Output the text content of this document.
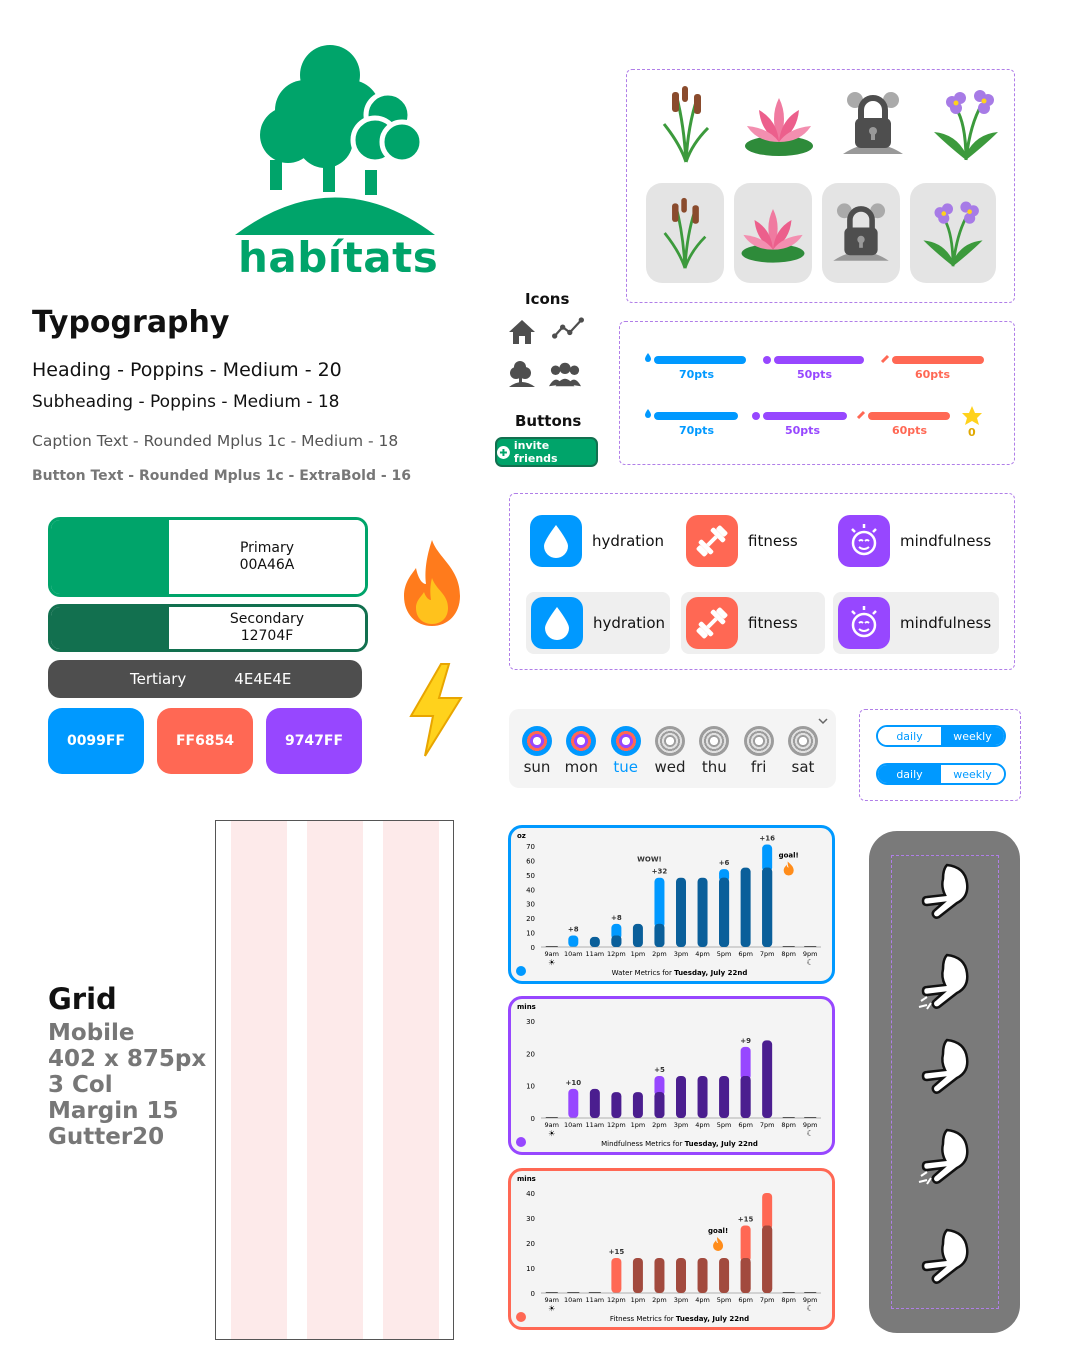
habítats
Typography
Heading - Poppins - Medium - 20
Subheading - Poppins - Medium - 18
Caption Text - Rounded Mplus 1c - Medium - 18
Button Text - Rounded Mplus 1c - ExtraBold - 16
Primary
00A46A
Secondary
12704F
Tertiary	4E4E4E
0099FF	FF6854	9747FF
Grid
Mobile
402 x 875px
3 Col
Margin 15
Gutter20
Icons
Buttons
invite friends
70pts	50pts	60pts
70pts	50pts	60pts	0
hydration	fitness	mindfulness
hydration	fitness	mindfulness
sun mon tue wed thu fri sat
daily	weekly
daily	weekly
oz
0
10
20
30
40
50
60
70
9am 10am 11am 12pm 1pm 2pm 3pm 4pm 5pm 6pm 7pm 8pm 9pm
+8
+8
+32
WOW!	+6
+16
goal!
☀	☾
Water Metrics for Tuesday, July 22nd
mins
0
10
20
30
9am 10am 11am 12pm 1pm 2pm 3pm 4pm 5pm 6pm 7pm 8pm 9pm
+10
+5
+9
☀	☾
Mindfulness Metrics for Tuesday, July 22nd
mins
0
10
20
30
40
9am 10am 11am 12pm 1pm 2pm 3pm 4pm 5pm 6pm 7pm 8pm 9pm
+15
+15
goal!
☀	☾
Fitness Metrics for Tuesday, July 22nd
